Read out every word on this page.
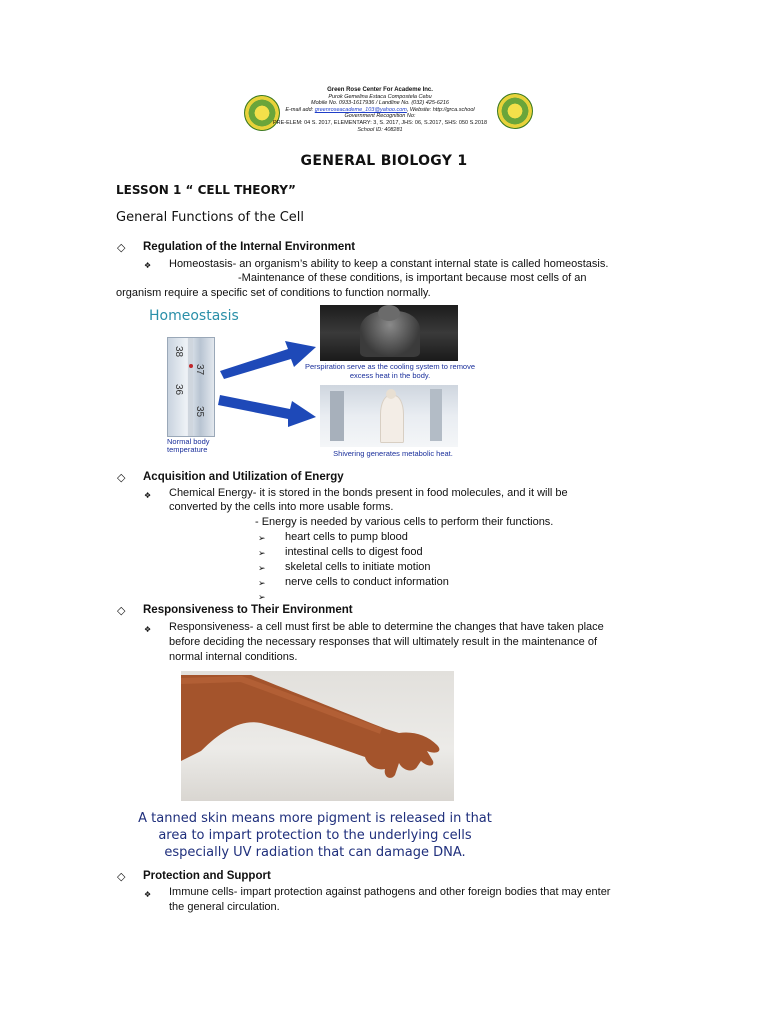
Green Rose Center For Academe Inc.
Purok Gemelina Estaca Compostela Cebu
Mobile No. 0933-1617936 / Landline No. (032) 425-6216
E-mail add: greenroseacademe_103@yahoo.com, Website: http://grca.school
Government Recognition No:
PRE-ELEM: 04 S. 2017, ELEMENTARY: 3, S. 2017, JHS: 06, S.2017, SHS: 050 S.2018
School ID: 408281
GENERAL BIOLOGY 1
LESSON 1 “ CELL THEORY”
General Functions of the Cell
◇ Regulation of the Internal Environment
❖ Homeostasis- an organism’s ability to keep a constant internal state is called homeostasis.
-Maintenance of these conditions, is important because most cells of an
organism require a specific set of conditions to function normally.
Homeostasis
38
37
36
35
Normal body temperature
Perspiration serve as the cooling system to remove excess heat in the body.
Shivering generates metabolic heat.
◇ Acquisition and Utilization of Energy
❖ Chemical Energy- it is stored in the bonds present in food molecules, and it will be
converted by the cells into more usable forms.
- Energy is needed by various cells to perform their functions.
➢ heart cells to pump blood
➢ intestinal cells to digest food
➢ skeletal cells to initiate motion
➢ nerve cells to conduct information
➢
◇ Responsiveness to Their Environment
❖ Responsiveness- a cell must first be able to determine the changes that have taken place
before deciding the necessary responses that will ultimately result in the maintenance of
normal internal conditions.
A tanned skin means more pigment is released in that
area to impart protection to the underlying cells
especially UV radiation that can damage DNA.
◇ Protection and Support
❖ Immune cells- impart protection against pathogens and other foreign bodies that may enter
the general circulation.
